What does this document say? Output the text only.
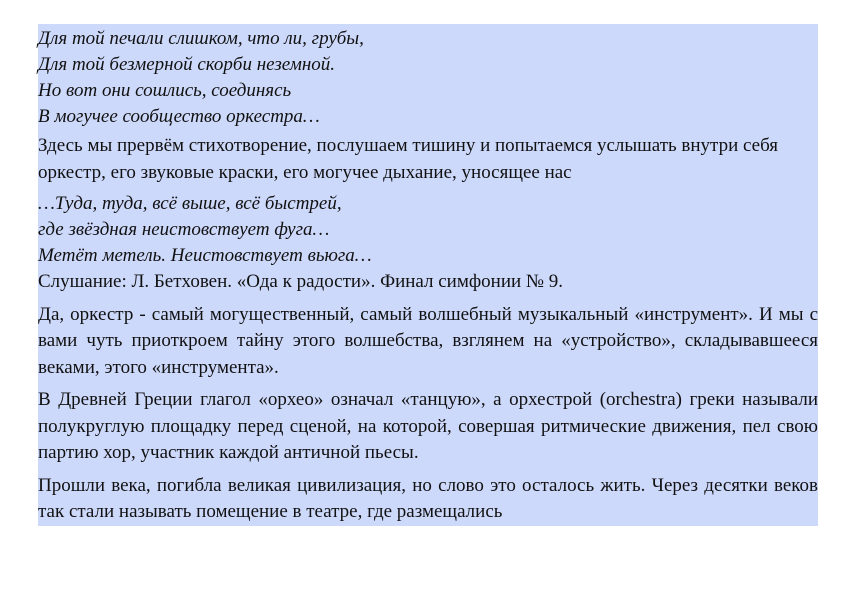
Для той печали слишком, что ли, грубы,
Для той безмерной скорби неземной.
Но вот они сошлись, соединясь
В могучее сообщество оркестра…

Здесь мы прервём стихотворение, послушаем тишину и попытаемся услышать внутри себя оркестр, его звуковые краски, его могучее дыхание, уносящее нас

…Туда, туда, всё выше, всё быстрей,
где звёздная неистовствует фуга…
Метёт метель. Неистовствует вьюга…

Слушание: Л. Бетховен. «Ода к радости». Финал симфонии № 9.

Да, оркестр - самый могущественный, самый волшебный музыкальный «инструмент». И мы с вами чуть приоткроем тайну этого волшебства, взглянем на «устройство», складывавшееся веками, этого «инструмента».

В Древней Греции глагол «орхео» означал «танцую», а орхестрой (orchestra) греки называли полукруглую площадку перед сценой, на которой, совершая ритмические движения, пел свою партию хор, участник каждой античной пьесы.

Прошли века, погибла великая цивилизация, но слово это осталось жить. Через десятки веков так стали называть помещение в театре, где размещались
